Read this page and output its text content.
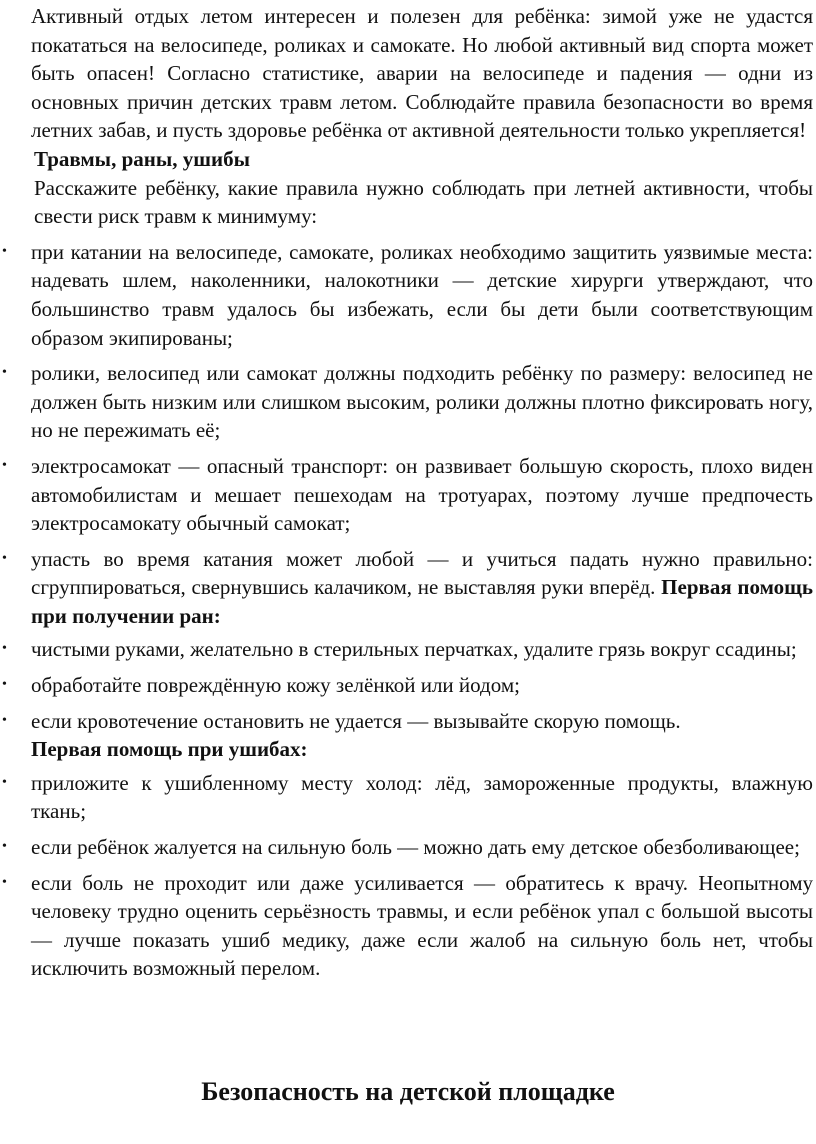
Активный отдых летом интересен и полезен для ребёнка: зимой уже не удастся покататься на велосипеде, роликах и самокате. Но любой активный вид спорта может быть опасен! Согласно статистике, аварии на велосипеде и падения — одни из основных причин детских травм летом. Соблюдайте правила безопасности во время летних забав, и пусть здоровье ребёнка от активной деятельности только укрепляется!

Травмы, раны, ушибы

Расскажите ребёнку, какие правила нужно соблюдать при летней активности, чтобы свести риск травм к минимуму:

• при катании на велосипеде, самокате, роликах необходимо защитить уязвимые места: надевать шлем, наколенники, налокотники — детские хирурги утверждают, что большинство травм удалось бы избежать, если бы дети были соответствующим образом экипированы;
• ролики, велосипед или самокат должны подходить ребёнку по размеру: велосипед не должен быть низким или слишком высоким, ролики должны плотно фиксировать ногу, но не пережимать её;
• электросамокат — опасный транспорт: он развивает большую скорость, плохо виден автомобилистам и мешает пешеходам на тротуарах, поэтому лучше предпочесть электросамокату обычный самокат;
• упасть во время катания может любой — и учиться падать нужно правильно: сгруппироваться, свернувшись калачиком, не выставляя руки вперёд. Первая помощь при получении ран:
• чистыми руками, желательно в стерильных перчатках, удалите грязь вокруг ссадины;
• обработайте повреждённую кожу зелёнкой или йодом;
• если кровотечение остановить не удается — вызывайте скорую помощь.
Первая помощь при ушибах:
• приложите к ушибленному месту холод: лёд, замороженные продукты, влажную ткань;
• если ребёнок жалуется на сильную боль — можно дать ему детское обезболивающее;
• если боль не проходит или даже усиливается — обратитесь к врачу. Неопытному человеку трудно оценить серьёзность травмы, и если ребёнок упал с большой высоты — лучше показать ушиб медику, даже если жалоб на сильную боль нет, чтобы исключить возможный перелом.
Безопасность на детской площадке
